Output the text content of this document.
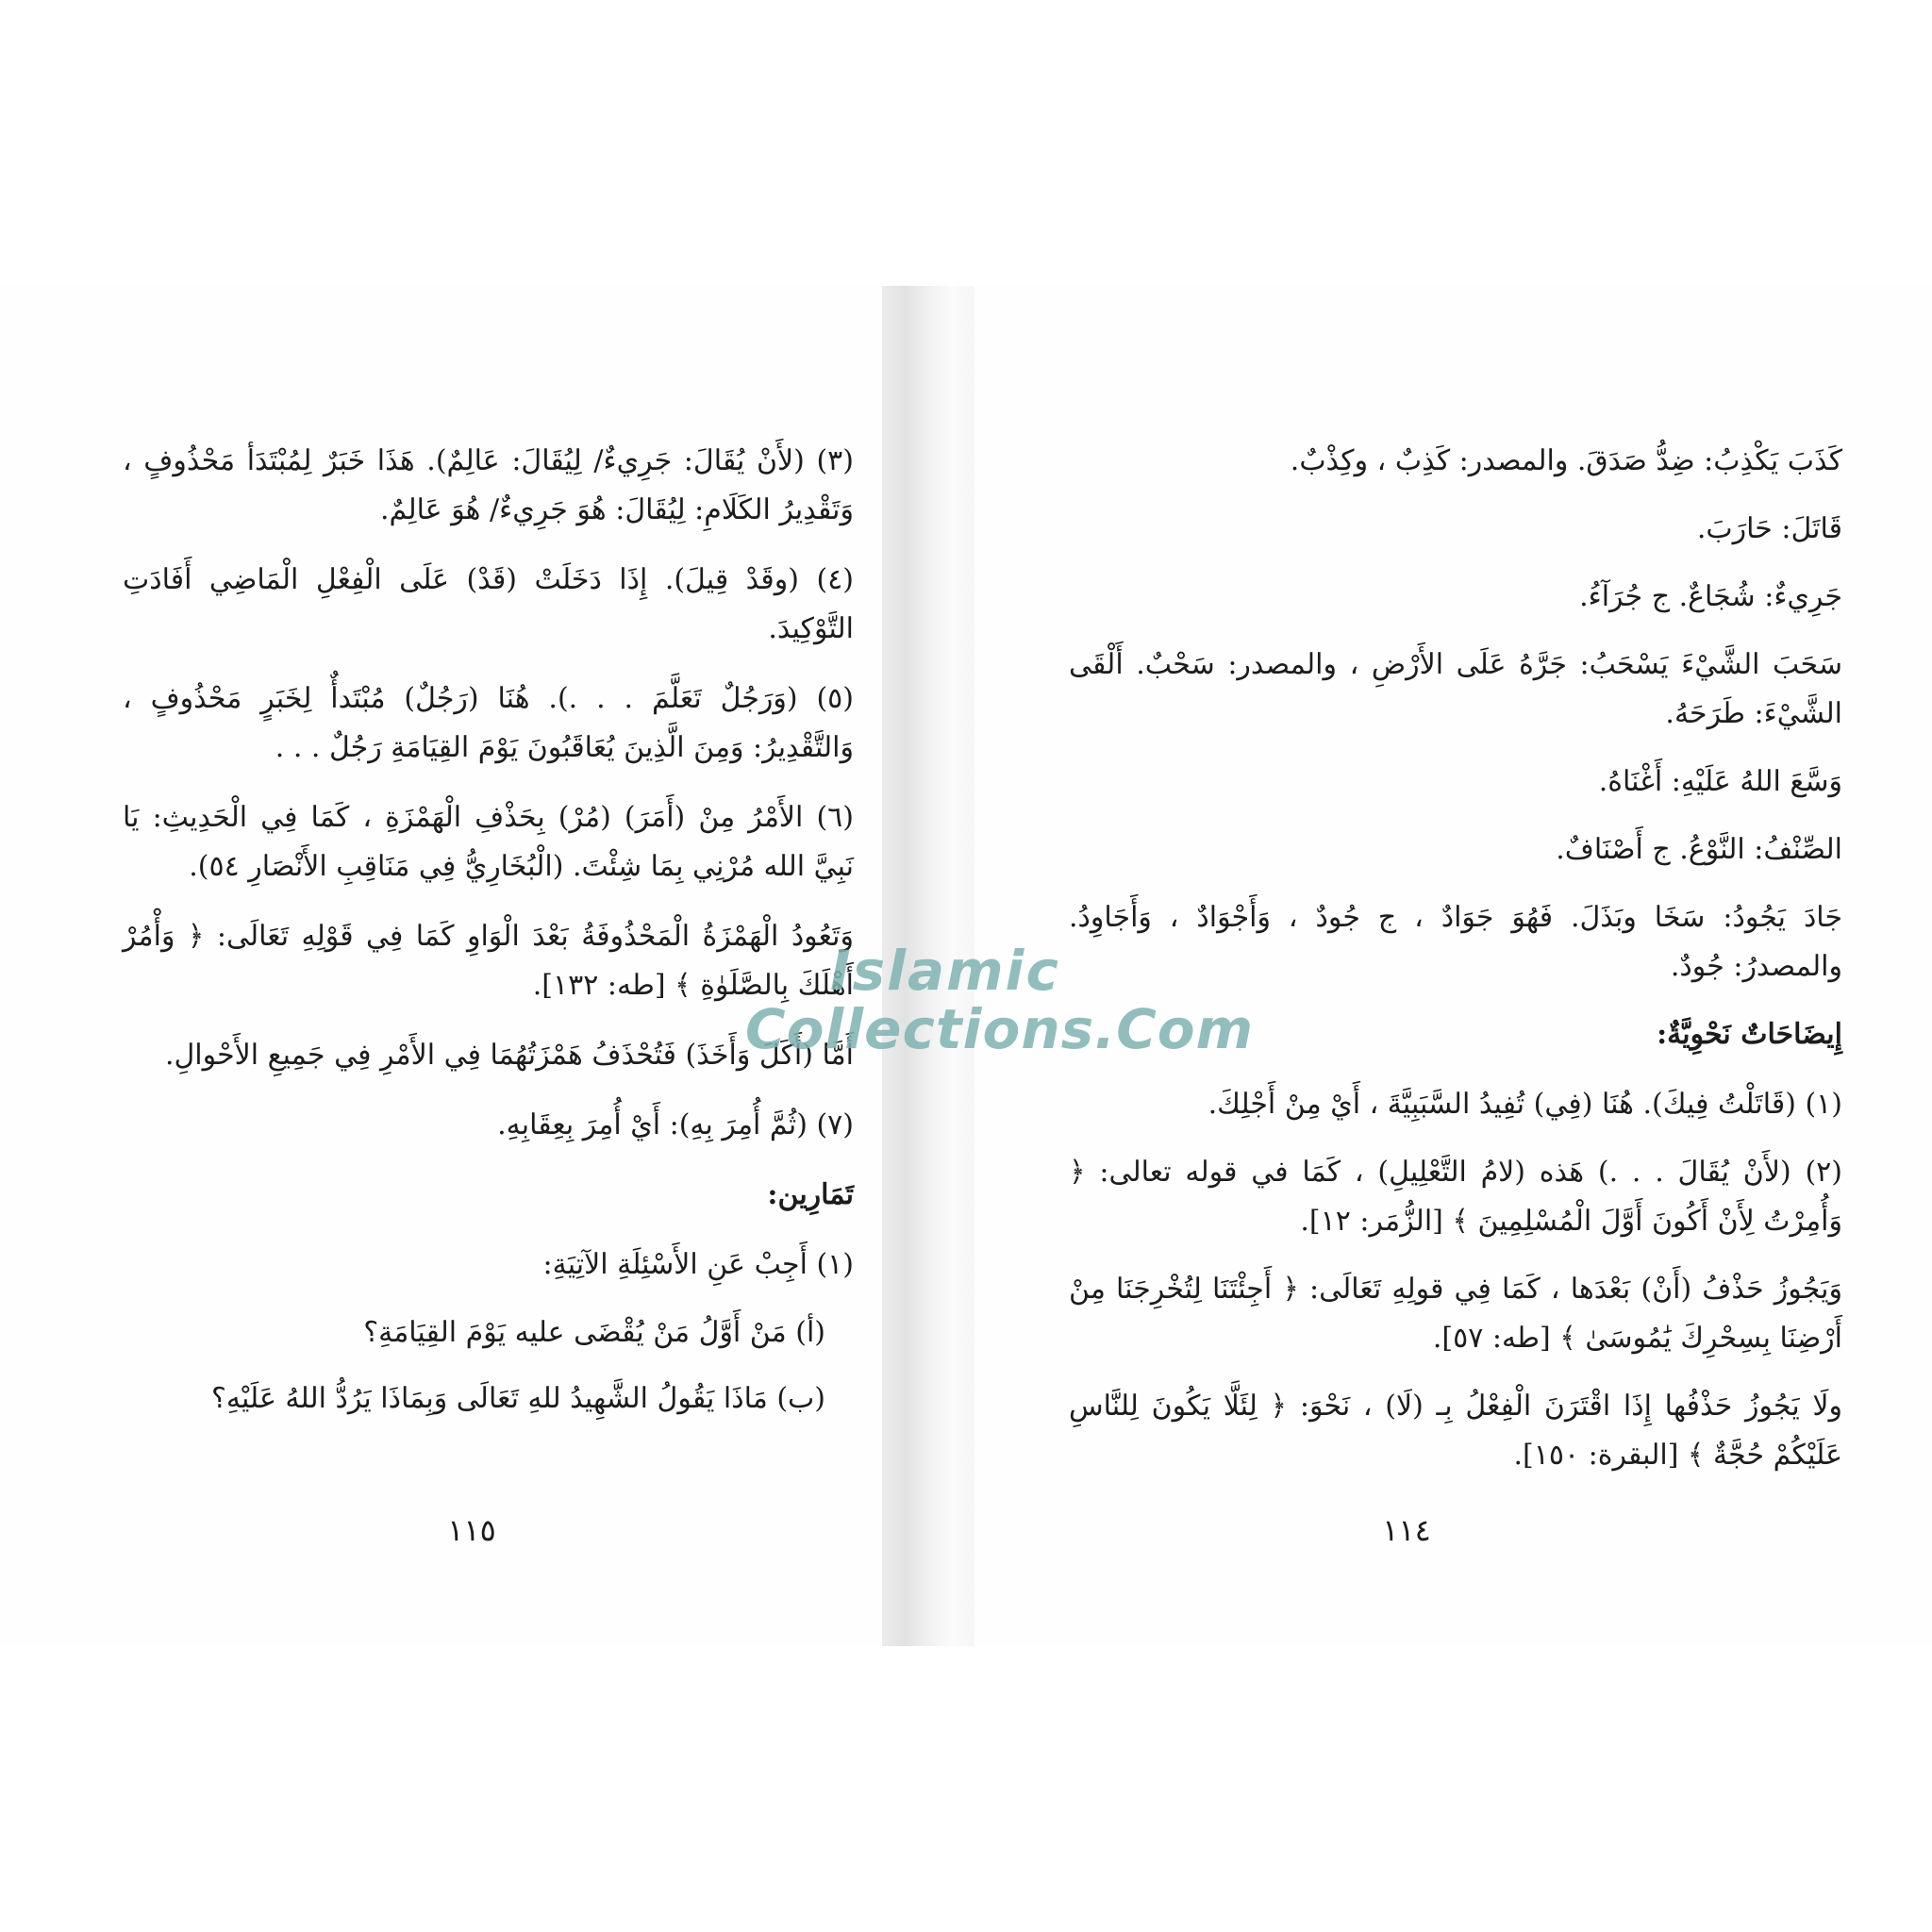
(٣) (لأَنْ يُقَالَ: جَرِيءٌ/ لِيُقَالَ: عَالِمٌ). هَذَا خَبَرٌ لِمُبْتَدَأ مَحْذُوفٍ ، وَتَقْدِيرُ الكَلَامِ: لِيُقَالَ: هُوَ جَرِيءٌ/ هُوَ عَالِمٌ.

(٤) (وقَدْ قِيلَ). إِذَا دَخَلَتْ (قَدْ) عَلَى الْفِعْلِ الْمَاضِي أَفَادَتِ التَّوْكِيدَ.

(٥) (وَرَجُلٌ تَعَلَّمَ . . .). هُنَا (رَجُلٌ) مُبْتَدأٌ لِخَبَرٍ مَحْذُوفٍ ، وَالتَّقْدِيرُ: وَمِنَ الَّذِينَ يُعَاقَبُونَ يَوْمَ القِيَامَةِ رَجُلٌ . . .

(٦) الأَمْرُ مِنْ (أَمَرَ) (مُرْ) بِحَذْفِ الْهَمْزَةِ ، كَمَا فِي الْحَدِيثِ: يَا نَبِيَّ الله مُرْنِي بِمَا شِئْتَ. (الْبُخَارِيُّ فِي مَنَاقِبِ الأَنْصَارِ ٥٤).

وَتَعُودُ الْهَمْزَةُ الْمَحْذُوفَةُ بَعْدَ الْوَاوِ كَمَا فِي قَوْلِهِ تَعَالَى: ﴿ وَأْمُرْ أَهْلَكَ بِالصَّلَوٰةِ ﴾ [طه: ١٣٢].

أَمَّا (أَكَلَ وَأَخَذَ) فَتُحْذَفُ هَمْزَتُهُمَا فِي الأَمْرِ فِي جَمِيعِ الأَحْوالِ.

(٧) (ثُمَّ أُمِرَ بِهِ): أَيْ أُمِرَ بِعِقَابِهِ.

تَمَارِين:

(١) أَجِبْ عَنِ الأَسْئِلَةِ الآتِيَةِ:

(أ) مَنْ أَوَّلُ مَنْ يُقْضَى عليه يَوْمَ القِيَامَةِ؟

(ب) مَاذَا يَقُولُ الشَّهِيدُ للهِ تَعَالَى وَبِمَاذَا يَرُدُّ اللهُ عَلَيْهِ؟

١١٥

كَذَبَ يَكْذِبُ: ضِدُّ صَدَقَ. والمصدر: كَذِبٌ ، وكِذْبٌ.

قَاتَلَ: حَارَبَ.

جَرِيءٌ: شُجَاعٌ. ج جُرَآءُ.

سَحَبَ الشَّيْءَ يَسْحَبُ: جَرَّهُ عَلَى الأَرْضِ ، والمصدر: سَحْبٌ. أَلْقَى الشَّيْءَ: طَرَحَهُ.

وَسَّعَ اللهُ عَلَيْهِ: أَغْنَاهُ.

الصِّنْفُ: النَّوْعُ. ج أَصْنَافٌ.

جَادَ يَجُودُ: سَخَا وبَذَلَ. فَهُوَ جَوَادٌ ، ج جُودٌ ، وَأَجْوَادٌ ، وَأَجَاوِدُ. والمصدرُ: جُودٌ.

إِيضَاحَاتٌ نَحْوِيَّةٌ:

(١) (قَاتَلْتُ فِيكَ). هُنَا (فِي) تُفِيدُ السَّبَبِيَّةَ ، أَيْ مِنْ أَجْلِكَ.

(٢) (لأَنْ يُقَالَ . . .) هَذه (لامُ التَّعْلِيلِ) ، كَمَا في قوله تعالى: ﴿ وَأُمِرْتُ لِأَنْ أَكُونَ أَوَّلَ الْمُسْلِمِينَ ﴾ [الزُّمَر: ١٢].

وَيَجُوزُ حَذْفُ (أَنْ) بَعْدَها ، كَمَا فِي قولِهِ تَعَالَى: ﴿ أَجِئْتَنَا لِتُخْرِجَنَا مِنْ أَرْضِنَا بِسِحْرِكَ يَٰمُوسَىٰ ﴾ [طه: ٥٧].

ولَا يَجُوزُ حَذْفُها إِذَا اقْتَرَنَ الْفِعْلُ بِـ (لَا) ، نَحْوَ: ﴿ لِئَلَّا يَكُونَ لِلنَّاسِ عَلَيْكُمْ حُجَّةٌ ﴾ [البقرة: ١٥٠].

١١٤
Islamic
Collections.Com
